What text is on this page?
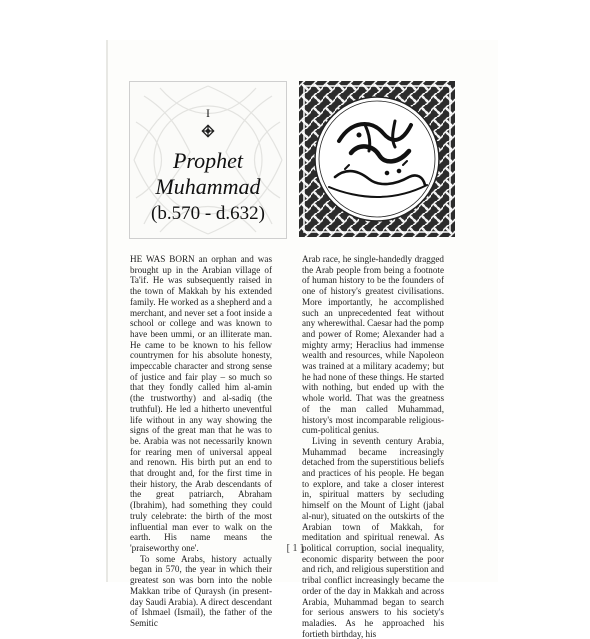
I
Prophet
Muhammad
(b.570 - d.632)

HE WAS BORN an orphan and was brought up in the Arabian village of Ta'if. He was subsequently raised in the town of Makkah by his extended family. He worked as a shepherd and a merchant, and never set a foot inside a school or college and was known to have been ummi, or an illiterate man. He came to be known to his fellow countrymen for his absolute honesty, impeccable character and strong sense of justice and fair play – so much so that they fondly called him al-amin (the trustworthy) and al-sadiq (the truthful). He led a hitherto uneventful life without in any way showing the signs of the great man that he was to be. Arabia was not necessarily known for rearing men of universal appeal and renown. His birth put an end to that drought and, for the first time in their history, the Arab descendants of the great patriarch, Abraham (Ibrahim), had something they could truly celebrate: the birth of the most influential man ever to walk on the earth. His name means the 'praiseworthy one'.

To some Arabs, history actually began in 570, the year in which their greatest son was born into the noble Makkan tribe of Quraysh (in present-day Saudi Arabia). A direct descendant of Ishmael (Ismail), the father of the Semitic

Arab race, he single-handedly dragged the Arab people from being a footnote of human history to be the founders of one of history's greatest civilisations. More importantly, he accomplished such an unprecedented feat without any wherewithal. Caesar had the pomp and power of Rome; Alexander had a mighty army; Heraclius had immense wealth and resources, while Napoleon was trained at a military academy; but he had none of these things. He started with nothing, but ended up with the whole world. That was the greatness of the man called Muhammad, history's most incomparable religious-cum-political genius.

Living in seventh century Arabia, Muhammad became increasingly detached from the superstitious beliefs and practices of his people. He began to explore, and take a closer interest in, spiritual matters by secluding himself on the Mount of Light (jabal al-nur), situated on the outskirts of the Arabian town of Makkah, for meditation and spiritual renewal. As political corruption, social inequality, economic disparity between the poor and rich, and religious superstition and tribal conflict increasingly became the order of the day in Makkah and across Arabia, Muhammad began to search for serious answers to his society's maladies. As he approached his fortieth birthday, his

[ 1 ]
